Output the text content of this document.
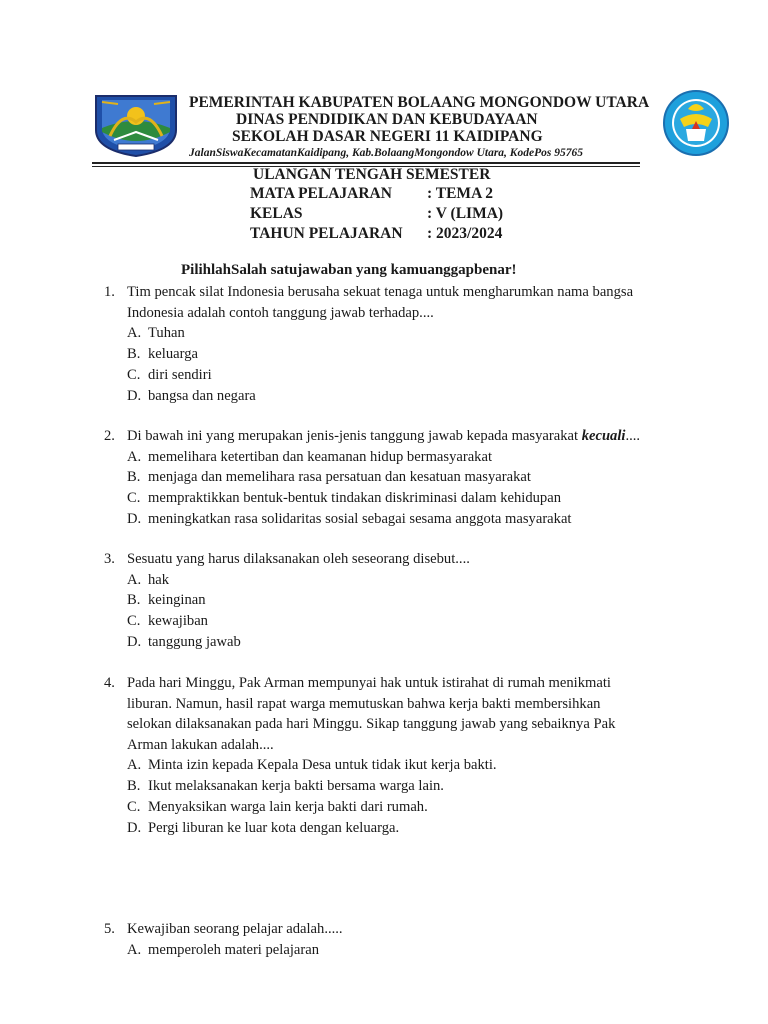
PEMERINTAH KABUPATEN BOLAANG MONGONDOW UTARA
DINAS PENDIDIKAN DAN KEBUDAYAAN
SEKOLAH DASAR NEGERI 11 KAIDIPANG
JalanSiswaKecamatanKaidipang, Kab.BolaangMongondow Utara, KodePos 95765
ULANGAN TENGAH SEMESTER
MATA PELAJARAN : TEMA 2
KELAS	: V (LIMA)
TAHUN PELAJARAN : 2023/2024
PilihlahSalah satujawaban yang kamuanggapbenar!
1. Tim pencak silat Indonesia berusaha sekuat tenaga untuk mengharumkan nama bangsa Indonesia adalah contoh tanggung jawab terhadap....
A. Tuhan
B. keluarga
C. diri sendiri
D. bangsa dan negara
2. Di bawah ini yang merupakan jenis-jenis tanggung jawab kepada masyarakat kecuali....
A. memelihara ketertiban dan keamanan hidup bermasyarakat
B. menjaga dan memelihara rasa persatuan dan kesatuan masyarakat
C. mempraktikkan bentuk-bentuk tindakan diskriminasi dalam kehidupan
D. meningkatkan rasa solidaritas sosial sebagai sesama anggota masyarakat
3. Sesuatu yang harus dilaksanakan oleh seseorang disebut....
A. hak
B. keinginan
C. kewajiban
D. tanggung jawab
4. Pada hari Minggu, Pak Arman mempunyai hak untuk istirahat di rumah menikmati
liburan. Namun, hasil rapat warga memutuskan bahwa kerja bakti membersihkan
selokan dilaksanakan pada hari Minggu. Sikap tanggung jawab yang sebaiknya Pak
Arman lakukan adalah....
A. Minta izin kepada Kepala Desa untuk tidak ikut kerja bakti.
B. Ikut melaksanakan kerja bakti bersama warga lain.
C. Menyaksikan warga lain kerja bakti dari rumah.
D. Pergi liburan ke luar kota dengan keluarga.
5. Kewajiban seorang pelajar adalah.....
A. memperoleh materi pelajaran
